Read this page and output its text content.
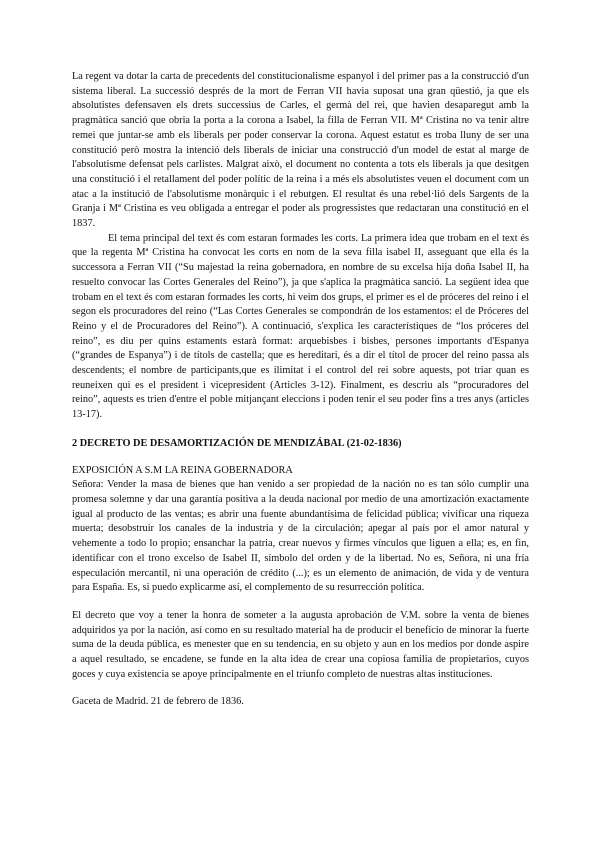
La regent va dotar la carta de precedents del constitucionalisme espanyol i del primer pas a la construcció d'un sistema liberal. La successió després de la mort de Ferran VII havia suposat una gran qüestió, ja que els absolutistes defensaven els drets successius de Carles, el germà del rei, que havien desaparegut amb la pragmàtica sanció que obria la porta a la corona a Isabel, la filla de Ferran VII. Mª Cristina no va tenir altre remei que juntar-se amb els liberals per poder conservar la corona. Aquest estatut es troba lluny de ser una constitució però mostra la intenció dels liberals de iniciar una construcció d'un model de estat al marge de l'absolutisme defensat pels carlistes. Malgrat això, el document no contenta a tots els liberals ja que desitgen una constitució i el retallament del poder polític de la reina i a més els absolutistes veuen el document com un atac a la institució de l'absolutisme monàrquic i el rebutgen. El resultat és una rebel·lió dels Sargents de la Granja i Mª Cristina es veu obligada a entregar el poder als progressistes que redactaran una constitució en el 1837.

El tema principal del text és com estaran formades les corts. La primera idea que trobam en el text és que la regenta Mª Cristina ha convocat les corts en nom de la seva filla isabel II, asseguant que ella és la successora a Ferran VII (“Su majestad la reina gobernadora, en nombre de su excelsa hija doña Isabel II, ha resuelto convocar las Cortes Generales del Reino”), ja que s'aplica la pragmàtica sanció. La següent idea que trobam en el text és com estaran formades les corts, hi veim dos grups, el primer es el de próceres del reino i el segon els procuradores del reino (“Las Cortes Generales se compondrán de los estamentos: el de Próceres del Reino y el de Procuradores del Reino”). A continuació, s'explica les característiques de “los próceres del reino”, es diu per quins estaments estarà format: arquebisbes i bisbes, persones importants d'Espanya (“grandes de Espanya”) i de títols de castella; que es hereditari, és a dir el títol de procer del reino passa als descendents; el nombre de participants,que es ilimitat i el control del rei sobre aquests, pot triar quan es reuneixen qui es el president i vicepresident (Articles 3-12). Finalment, es descriu als “procuradores del reino”, aquests es trien d'entre el poble mitjançant eleccions i poden tenir el seu poder fins a tres anys (articles 13-17).

2 DECRETO DE DESAMORTIZACIÓN DE MENDIZÁBAL (21-02-1836)
EXPOSICIÓN A S.M LA REINA GOBERNADORA

Señora: Vender la masa de bienes que han venido a ser propiedad de la nación no es tan sólo cumplir una promesa solemne y dar una garantía positiva a la deuda nacional por medio de una amortización exactamente igual al producto de las ventas; es abrir una fuente abundantísima de felicidad pública; vivificar una riqueza muerta; desobstruir los canales de la industria y de la circulación; apegar al país por el amor natural y vehemente a todo lo propio; ensanchar la patria, crear nuevos y firmes vínculos que liguen a ella; es, en fin, identificar con el trono excelso de Isabel II, símbolo del orden y de la libertad. No es, Señora, ni una fría especulación mercantil, ni una operación de crédito (...); es un elemento de animación, de vida y de ventura para España. Es, si puedo explicarme así, el complemento de su resurrección política.

El decreto que voy a tener la honra de someter a la augusta aprobación de V.M. sobre la venta de bienes adquiridos ya por la nación, así como en su resultado material ha de producir el beneficio de minorar la fuerte suma de la deuda pública, es menester que en su tendencia, en su objeto y aun en los medios por donde aspire a aquel resultado, se encadene, se funde en la alta idea de crear una copiosa familia de propietarios, cuyos goces y cuya existencia se apoye principalmente en el triunfo completo de nuestras altas instituciones.

Gaceta de Madrid. 21 de febrero de 1836.
